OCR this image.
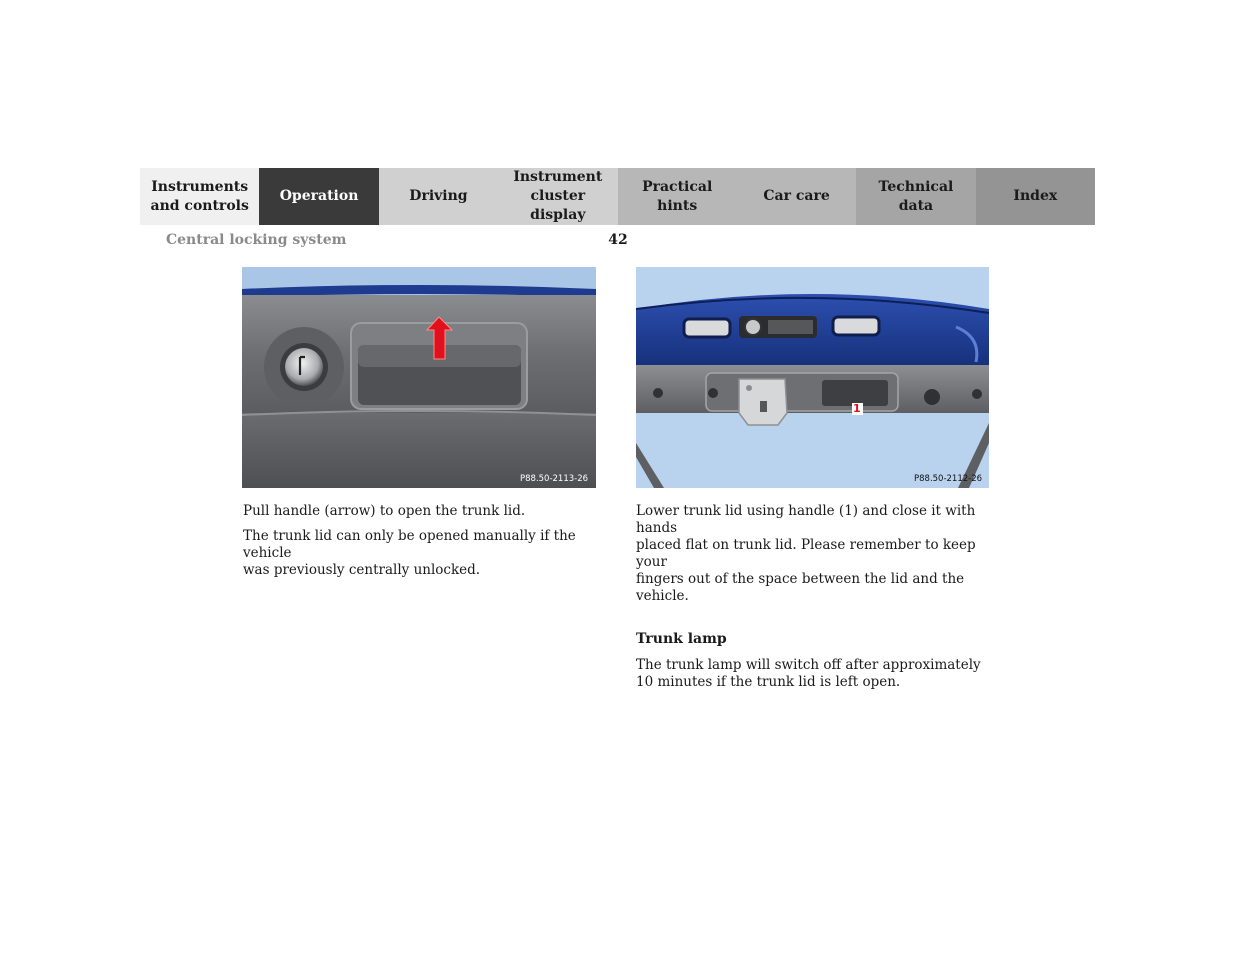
Instruments
and controls
Operation	Driving
Instrument
cluster display
Practical hints
Car care
Technical
data
Index
Central locking system	42
P88.50-2113-26
1
P88.50-2112-26

Pull handle (arrow) to open the trunk lid.

The trunk lid can only be opened manually if the vehicle
was previously centrally unlocked.

Lower trunk lid using handle (1) and close it with hands
placed flat on trunk lid. Please remember to keep your
fingers out of the space between the lid and the vehicle.

Trunk lamp

The trunk lamp will switch off after approximately
10 minutes if the trunk lid is left open.
